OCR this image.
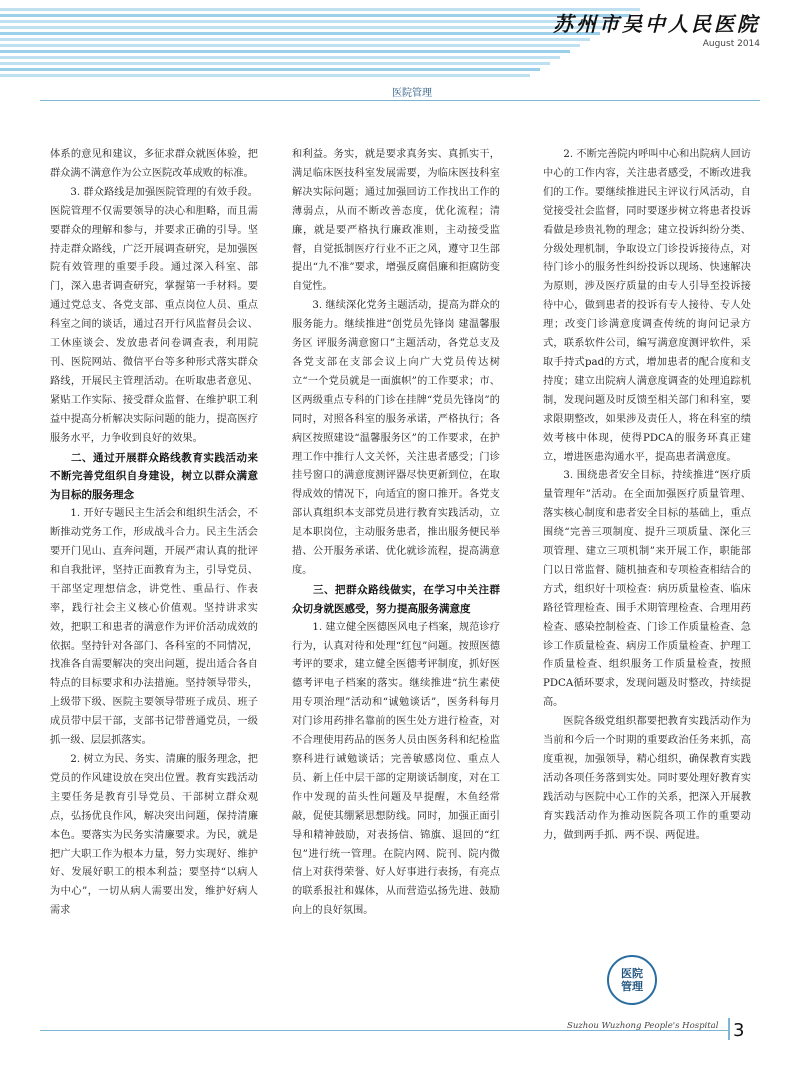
苏州市吴中人民医院
August 2014
医院管理

体系的意见和建议，多征求群众就医体验，把群众满不满意作为公立医院改革成败的标准。

3. 群众路线是加强医院管理的有效手段。医院管理不仅需要领导的决心和胆略，而且需要群众的理解和参与，并要求正确的引导。坚持走群众路线，广泛开展调查研究，是加强医院有效管理的重要手段。通过深入科室、部门，深入患者调查研究，掌握第一手材料。要通过党总支、各党支部、重点岗位人员、重点科室之间的谈话，通过召开行风监督员会议、工休座谈会、发放患者问卷调查表，利用院刊、医院网站、微信平台等多种形式落实群众路线，开展民主管理活动。在听取患者意见、紧贴工作实际、接受群众监督、在维护职工利益中提高分析解决实际问题的能力，提高医疗服务水平，力争收到良好的效果。

二、通过开展群众路线教育实践活动来不断完善党组织自身建设，树立以群众满意为目标的服务理念

1. 开好专题民主生活会和组织生活会，不断推动党务工作，形成战斗合力。民主生活会要开门见山、直奔问题，开展严肃认真的批评和自我批评，坚持正面教育为主，引导党员、干部坚定理想信念，讲党性、重品行、作表率，践行社会主义核心价值观。坚持讲求实效，把职工和患者的满意作为评价活动成效的依据。坚持针对各部门、各科室的不同情况，找准各自需要解决的突出问题，提出适合各自特点的目标要求和办法措施。坚持领导带头，上级带下级、医院主要领导带班子成员、班子成员带中层干部，支部书记带普通党员，一级抓一级、层层抓落实。

2. 树立为民、务实、清廉的服务理念，把党员的作风建设放在突出位置。教育实践活动主要任务是教育引导党员、干部树立群众观点，弘扬优良作风，解决突出问题，保持清廉本色。要落实为民务实清廉要求。为民，就是把广大职工作为根本力量，努力实现好、维护好、发展好职工的根本利益；要坚持“以病人为中心”，一切从病人需要出发，维护好病人需求

和利益。务实，就是要求真务实、真抓实干，满足临床医技科室发展需要，为临床医技科室解决实际问题；通过加强回访工作找出工作的薄弱点，从而不断改善态度，优化流程；清廉，就是要严格执行廉政准则，主动接受监督，自觉抵制医疗行业不正之风，遵守卫生部提出“九不准”要求，增强反腐倡廉和拒腐防变自觉性。

3. 继续深化党务主题活动，提高为群众的服务能力。继续推进“创党员先锋岗 建温馨服务区 评服务满意窗口”主题活动，各党总支及各党支部在支部会议上向广大党员传达树立“一个党员就是一面旗帜”的工作要求；市、区两级重点专科的门诊在挂牌“党员先锋岗”的同时，对照各科室的服务承诺，严格执行；各病区按照建设“温馨服务区”的工作要求，在护理工作中推行人文关怀，关注患者感受；门诊挂号窗口的满意度测评器尽快更新到位，在取得成效的情况下，向适宜的窗口推开。各党支部认真组织本支部党员进行教育实践活动，立足本职岗位，主动服务患者，推出服务便民举措、公开服务承诺、优化就诊流程，提高满意度。

三、把群众路线做实，在学习中关注群众切身就医感受，努力提高服务满意度

1. 建立健全医德医风电子档案，规范诊疗行为，认真对待和处理“红包”问题。按照医德考评的要求，建立健全医德考评制度，抓好医德考评电子档案的落实。继续推进“抗生素使用专项治理”活动和“诚勉谈话”，医务科每月对门诊用药排名靠前的医生处方进行检查，对不合理使用药品的医务人员由医务科和纪检监察科进行诫勉谈话；完善敏感岗位、重点人员、新上任中层干部的定期谈话制度，对在工作中发现的苗头性问题及早提醒，木鱼经常敲，促使其绷紧思想防线。同时，加强正面引导和精神鼓励，对表扬信、锦旗、退回的“红包”进行统一管理。在院内网、院刊、院内微信上对获得荣誉、好人好事进行表扬，有亮点的联系报社和媒体，从而营造弘扬先进、鼓励向上的良好氛围。

2. 不断完善院内呼叫中心和出院病人回访中心的工作内容，关注患者感受，不断改进我们的工作。要继续推进民主评议行风活动，自觉接受社会监督，同时要逐步树立将患者投诉看做是珍贵礼物的理念；建立投诉纠纷分类、分级处理机制，争取设立门诊投诉接待点，对待门诊小的服务性纠纷投诉以现场、快速解决为原则，涉及医疗质量的由专人引导至投诉接待中心，做到患者的投诉有专人接待、专人处理；改变门诊满意度调查传统的询问记录方式，联系软件公司，编写满意度测评软件，采取手持式pad的方式，增加患者的配合度和支持度；建立出院病人满意度调查的处理追踪机制，发现问题及时反馈至相关部门和科室，要求限期整改，如果涉及责任人，将在科室的绩效考核中体现，使得PDCA的服务环真正建立，增进医患沟通水平，提高患者满意度。

3. 围绕患者安全目标，持续推进“医疗质量管理年”活动。在全面加强医疗质量管理、落实核心制度和患者安全目标的基础上，重点围绕“完善三项制度、提升三项质量、深化三项管理、建立三项机制”来开展工作，职能部门以日常监督、随机抽查和专项检查相结合的方式，组织好十项检查：病历质量检查、临床路径管理检查、围手术期管理检查、合理用药检查、感染控制检查、门诊工作质量检查、急诊工作质量检查、病房工作质量检查、护理工作质量检查、组织服务工作质量检查，按照PDCA循环要求，发现问题及时整改，持续提高。

医院各级党组织都要把教育实践活动作为当前和今后一个时期的重要政治任务来抓，高度重视，加强领导，精心组织，确保教育实践活动各项任务落到实处。同时要处理好教育实践活动与医院中心工作的关系，把深入开展教育实践活动作为推动医院各项工作的重要动力，做到两手抓、两不误、两促进。

医院管理
Suzhou Wuzhong People's Hospital 3
